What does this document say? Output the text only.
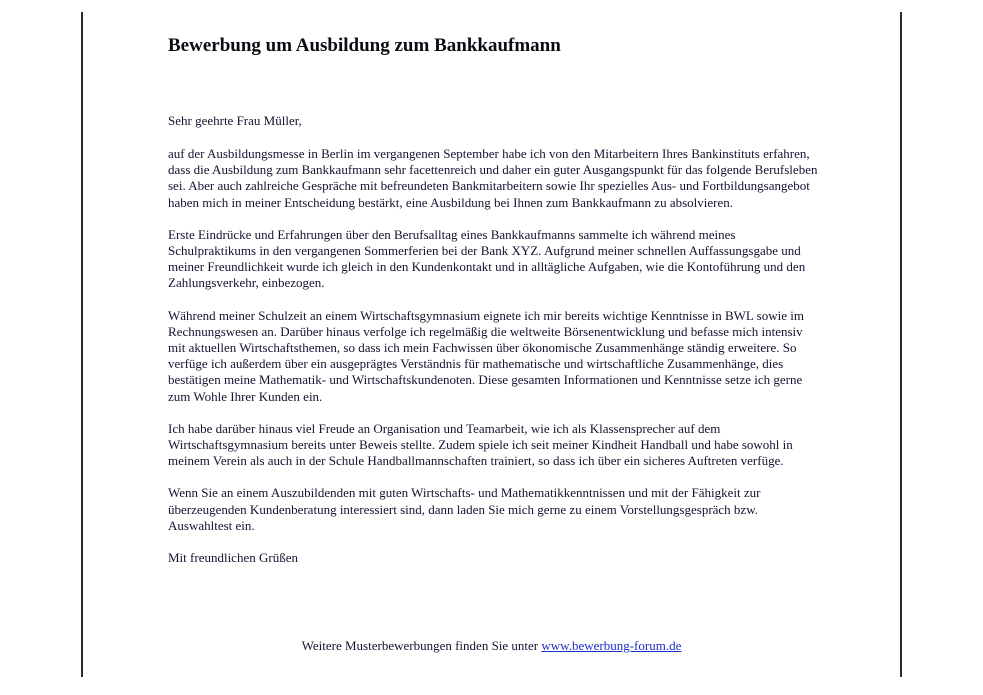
Bewerbung um Ausbildung zum Bankkaufmann

Sehr geehrte Frau Müller,

auf der Ausbildungsmesse in Berlin im vergangenen September habe ich von den Mitarbeitern Ihres Bankinstituts erfahren, dass die Ausbildung zum Bankkaufmann sehr facettenreich und daher ein guter Ausgangspunkt für das folgende Berufsleben sei. Aber auch zahlreiche Gespräche mit befreundeten Bankmitarbeitern sowie Ihr spezielles Aus- und Fortbildungsangebot haben mich in meiner Entscheidung bestärkt, eine Ausbildung bei Ihnen zum Bankkaufmann zu absolvieren.

Erste Eindrücke und Erfahrungen über den Berufsalltag eines Bankkaufmanns sammelte ich während meines Schulpraktikums in den vergangenen Sommerferien bei der Bank XYZ. Aufgrund meiner schnellen Auffassungsgabe und meiner Freundlichkeit wurde ich gleich in den Kundenkontakt und in alltägliche Aufgaben, wie die Kontoführung und den Zahlungsverkehr, einbezogen.

Während meiner Schulzeit an einem Wirtschaftsgymnasium eignete ich mir bereits wichtige Kenntnisse in BWL sowie im Rechnungswesen an. Darüber hinaus verfolge ich regelmäßig die weltweite Börsenentwicklung und befasse mich intensiv mit aktuellen Wirtschaftsthemen, so dass ich mein Fachwissen über ökonomische Zusammenhänge ständig erweitere. So verfüge ich außerdem über ein ausgeprägtes Verständnis für mathematische und wirtschaftliche Zusammenhänge, dies bestätigen meine Mathematik- und Wirtschaftskundenoten. Diese gesamten Informationen und Kenntnisse setze ich gerne zum Wohle Ihrer Kunden ein.

Ich habe darüber hinaus viel Freude an Organisation und Teamarbeit, wie ich als Klassensprecher auf dem Wirtschaftsgymnasium bereits unter Beweis stellte. Zudem spiele ich seit meiner Kindheit Handball und habe sowohl in meinem Verein als auch in der Schule Handballmannschaften trainiert, so dass ich über ein sicheres Auftreten verfüge.

Wenn Sie an einem Auszubildenden mit guten Wirtschafts- und Mathematikkenntnissen und mit der Fähigkeit zur überzeugenden Kundenberatung interessiert sind, dann laden Sie mich gerne zu einem Vorstellungsgespräch bzw. Auswahltest ein.

Mit freundlichen Grüßen

Weitere Musterbewerbungen finden Sie unter www.bewerbung-forum.de
